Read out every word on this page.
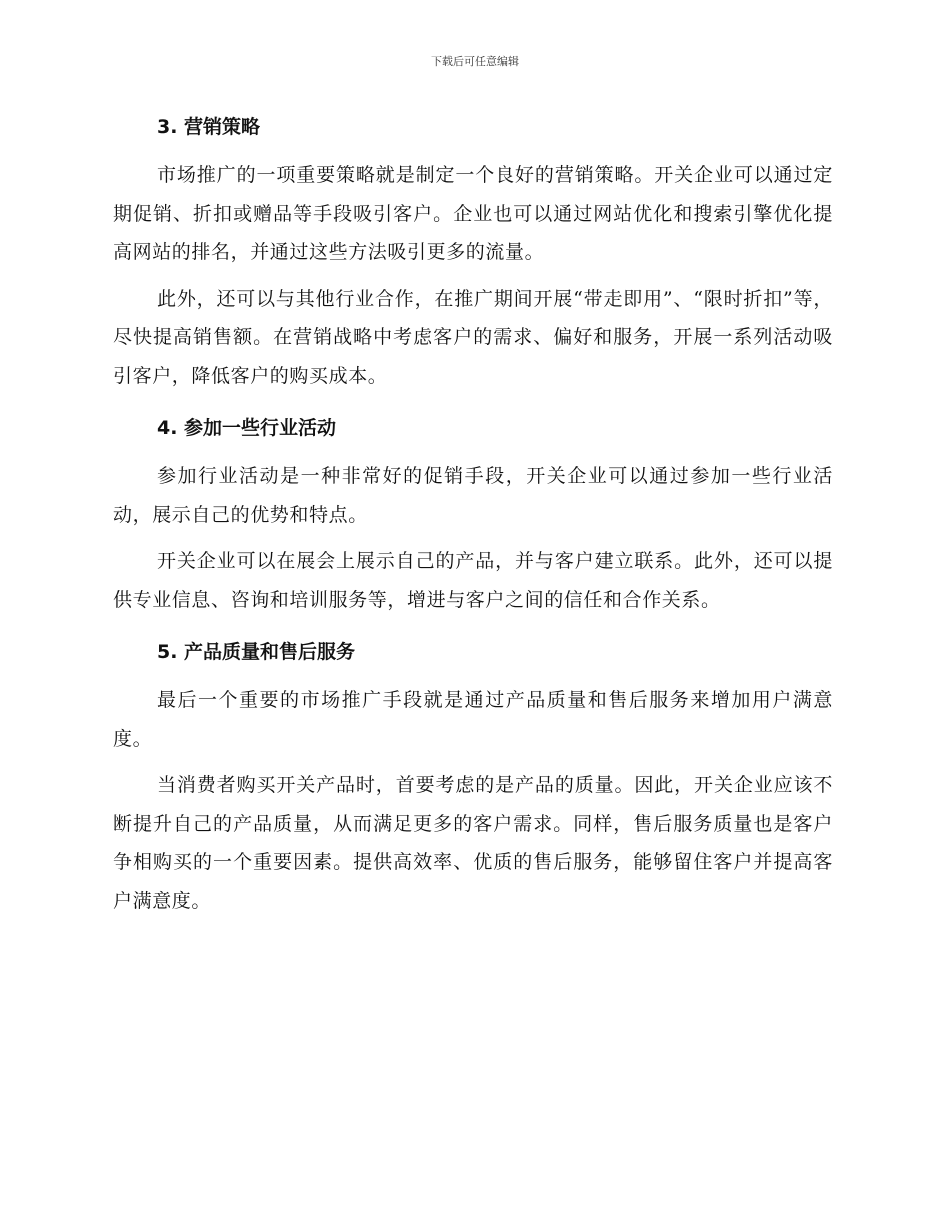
下载后可任意编辑
3. 营销策略

市场推广的一项重要策略就是制定一个良好的营销策略。开关企业可以通过定期促销、折扣或赠品等手段吸引客户。企业也可以通过网站优化和搜索引擎优化提高网站的排名，并通过这些方法吸引更多的流量。

此外，还可以与其他行业合作，在推广期间开展“带走即用”、“限时折扣”等，尽快提高销售额。在营销战略中考虑客户的需求、偏好和服务，开展一系列活动吸引客户，降低客户的购买成本。

4. 参加一些行业活动

参加行业活动是一种非常好的促销手段，开关企业可以通过参加一些行业活动，展示自己的优势和特点。

开关企业可以在展会上展示自己的产品，并与客户建立联系。此外，还可以提供专业信息、咨询和培训服务等，增进与客户之间的信任和合作关系。

5. 产品质量和售后服务

最后一个重要的市场推广手段就是通过产品质量和售后服务来增加用户满意度。

当消费者购买开关产品时，首要考虑的是产品的质量。因此，开关企业应该不断提升自己的产品质量，从而满足更多的客户需求。同样，售后服务质量也是客户争相购买的一个重要因素。提供高效率、优质的售后服务，能够留住客户并提高客户满意度。
